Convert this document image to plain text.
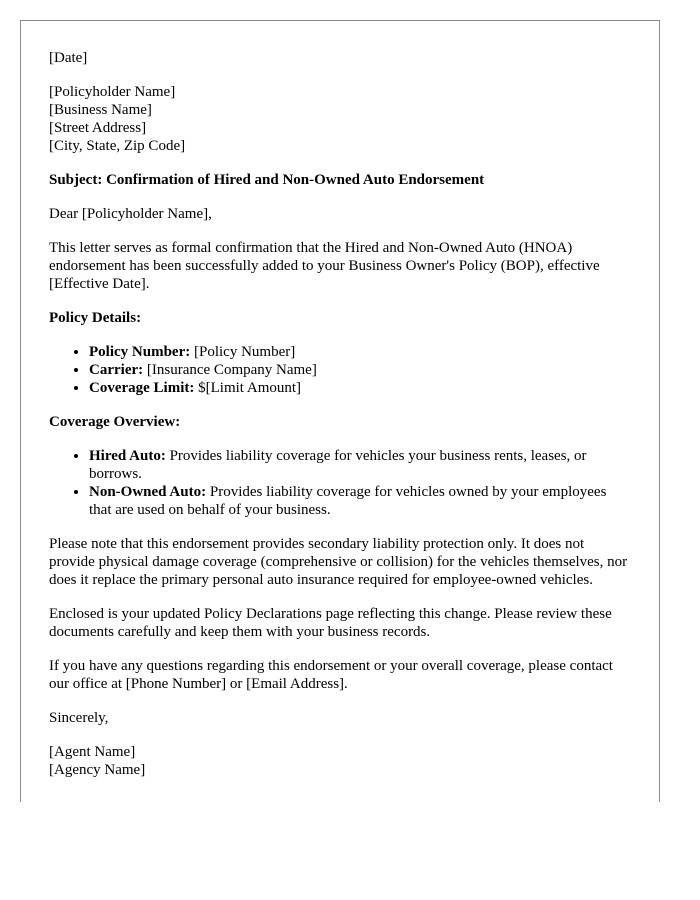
[Date]

[Policyholder Name]
[Business Name]
[Street Address]
[City, State, Zip Code]

Subject: Confirmation of Hired and Non-Owned Auto Endorsement

Dear [Policyholder Name],

This letter serves as formal confirmation that the Hired and Non-Owned Auto (HNOA) endorsement has been successfully added to your Business Owner's Policy (BOP), effective [Effective Date].

Policy Details:

• Policy Number: [Policy Number]
• Carrier: [Insurance Company Name]
• Coverage Limit: $[Limit Amount]

Coverage Overview:

• Hired Auto: Provides liability coverage for vehicles your business rents, leases, or borrows.
• Non-Owned Auto: Provides liability coverage for vehicles owned by your employees that are used on behalf of your business.

Please note that this endorsement provides secondary liability protection only. It does not provide physical damage coverage (comprehensive or collision) for the vehicles themselves, nor does it replace the primary personal auto insurance required for employee-owned vehicles.

Enclosed is your updated Policy Declarations page reflecting this change. Please review these documents carefully and keep them with your business records.

If you have any questions regarding this endorsement or your overall coverage, please contact our office at [Phone Number] or [Email Address].

Sincerely,

[Agent Name]
[Agency Name]
